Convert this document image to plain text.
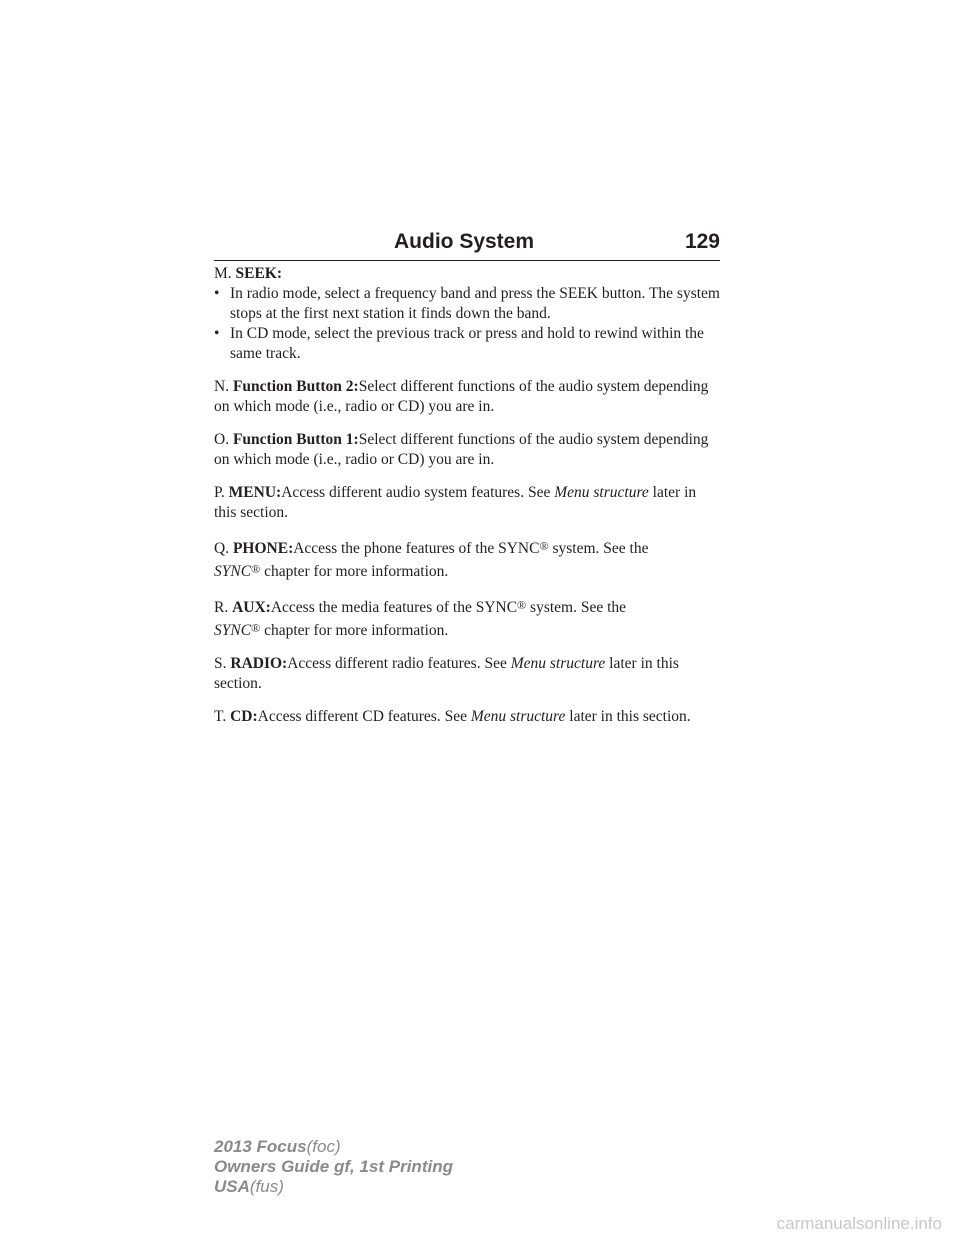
Audio System	129
M. SEEK:
• In radio mode, select a frequency band and press the SEEK button. The system stops at the first next station it finds down the band.
• In CD mode, select the previous track or press and hold to rewind within the same track.

N. Function Button 2:Select different functions of the audio system depending on which mode (i.e., radio or CD) you are in.

O. Function Button 1:Select different functions of the audio system depending on which mode (i.e., radio or CD) you are in.

P. MENU:Access different audio system features. See Menu structure later in this section.

Q. PHONE:Access the phone features of the SYNC® system. See the SYNC® chapter for more information.

R. AUX:Access the media features of the SYNC® system. See the SYNC® chapter for more information.

S. RADIO:Access different radio features. See Menu structure later in this section.

T. CD:Access different CD features. See Menu structure later in this section.

2013 Focus(foc)
Owners Guide gf, 1st Printing
USA(fus)
carmanualsonline.info
